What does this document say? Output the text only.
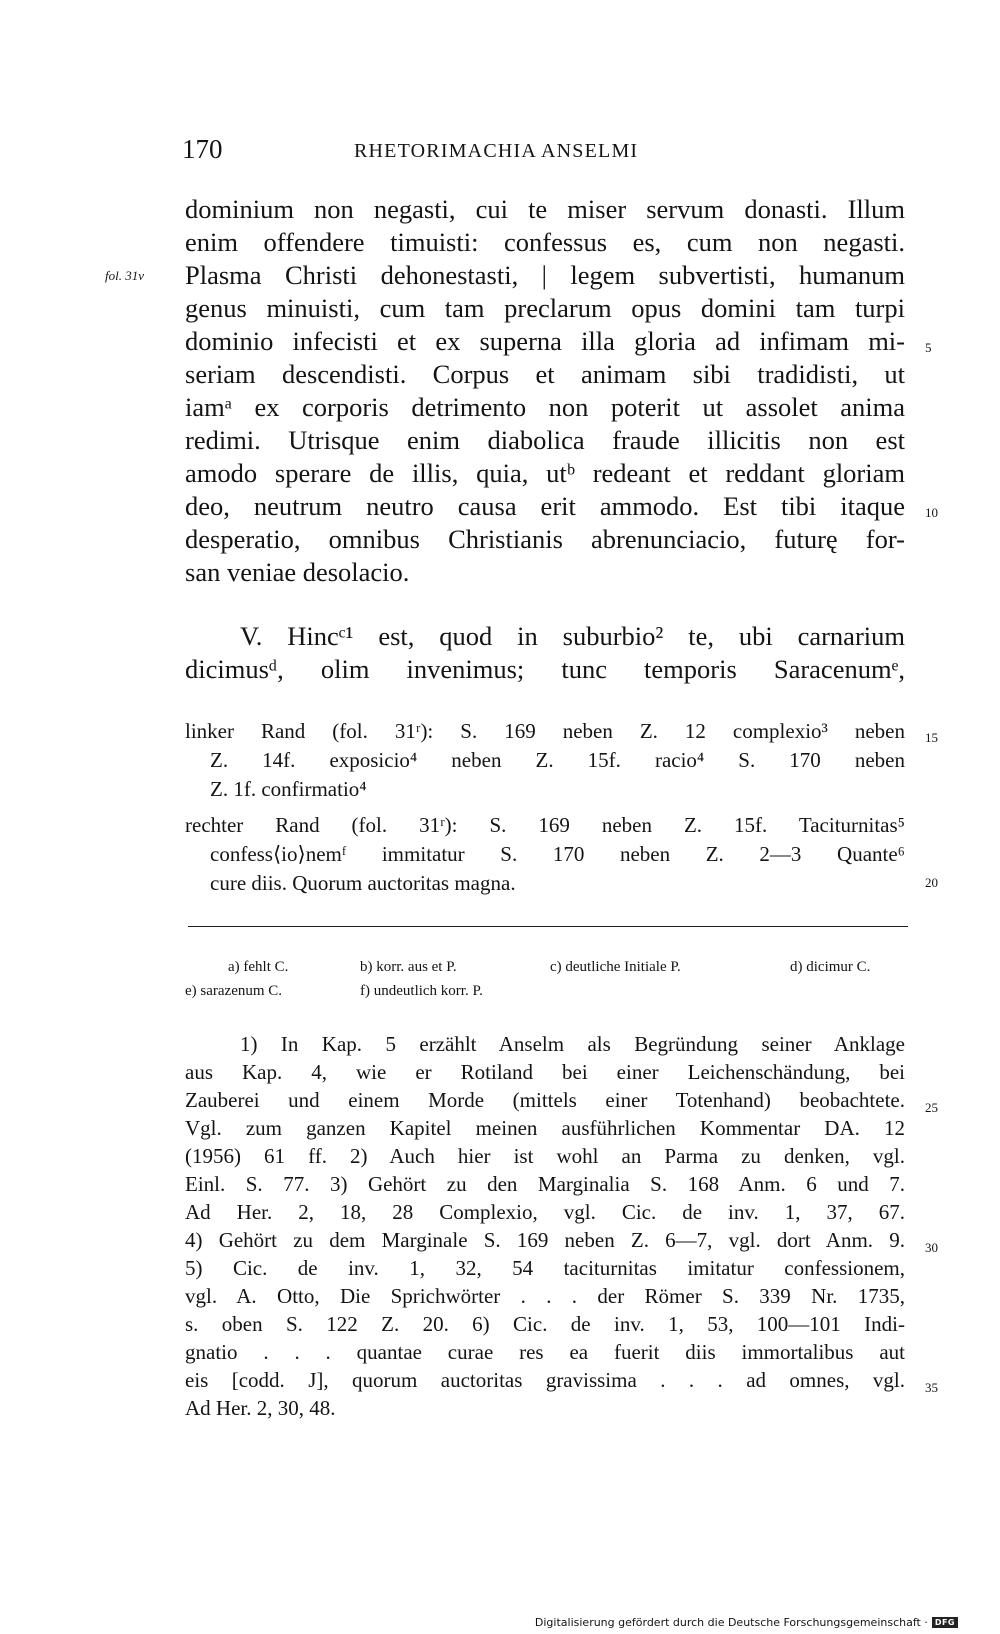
170	RHETORIMACHIA ANSELMI
fol. 31v
dominium non negasti, cui te miser servum donasti. Illum
enim offendere timuisti: confessus es, cum non negasti.
Plasma Christi dehonestasti, | legem subvertisti, humanum
genus minuisti, cum tam preclarum opus domini tam turpi
dominio infecisti et ex superna illa gloria ad infimam mi-
seriam descendisti. Corpus et animam sibi tradidisti, ut
iamᵃ ex corporis detrimento non poterit ut assolet anima
redimi. Utrisque enim diabolica fraude illicitis non est
amodo sperare de illis, quia, utᵇ redeant et reddant gloriam
deo, neutrum neutro causa erit ammodo. Est tibi itaque
desperatio, omnibus Christianis abrenunciacio, futurę for-
san veniae desolacio.
V. Hincᶜ¹ est, quod in suburbio² te, ubi carnarium
dicimusᵈ, olim invenimus; tunc temporis Saracenumᵉ,
5
10
15
20
linker Rand (fol. 31ʳ): S. 169 neben Z. 12 complexio³ neben
Z. 14f. exposicio⁴ neben Z. 15f. racio⁴ S. 170 neben
Z. 1f. confirmatio⁴
rechter Rand (fol. 31ʳ): S. 169 neben Z. 15f. Taciturnitas⁵
confess⟨io⟩nemᶠ immitatur S. 170 neben Z. 2—3 Quante⁶
cure diis. Quorum auctoritas magna.
a) fehlt C.	b) korr. aus et P.	c) deutliche Initiale P.	d) dicimur C.
e) sarazenum C.	f) undeutlich korr. P.
1) In Kap. 5 erzählt Anselm als Begründung seiner Anklage
aus Kap. 4, wie er Rotiland bei einer Leichenschändung, bei
Zauberei und einem Morde (mittels einer Totenhand) beobachtete.
Vgl. zum ganzen Kapitel meinen ausführlichen Kommentar DA. 12
(1956) 61 ff. 2) Auch hier ist wohl an Parma zu denken, vgl.
Einl. S. 77. 3) Gehört zu den Marginalia S. 168 Anm. 6 und 7.
Ad Her. 2, 18, 28 Complexio, vgl. Cic. de inv. 1, 37, 67.
4) Gehört zu dem Marginale S. 169 neben Z. 6—7, vgl. dort Anm. 9.
5) Cic. de inv. 1, 32, 54 taciturnitas imitatur confessionem,
vgl. A. Otto, Die Sprichwörter . . . der Römer S. 339 Nr. 1735,
s. oben S. 122 Z. 20. 6) Cic. de inv. 1, 53, 100—101 Indi-
gnatio . . . quantae curae res ea fuerit diis immortalibus aut
eis [codd. J], quorum auctoritas gravissima . . . ad omnes, vgl.
Ad Her. 2, 30, 48.
25
30
35
Digitalisierung gefördert durch die Deutsche Forschungsgemeinschaft · DFG
